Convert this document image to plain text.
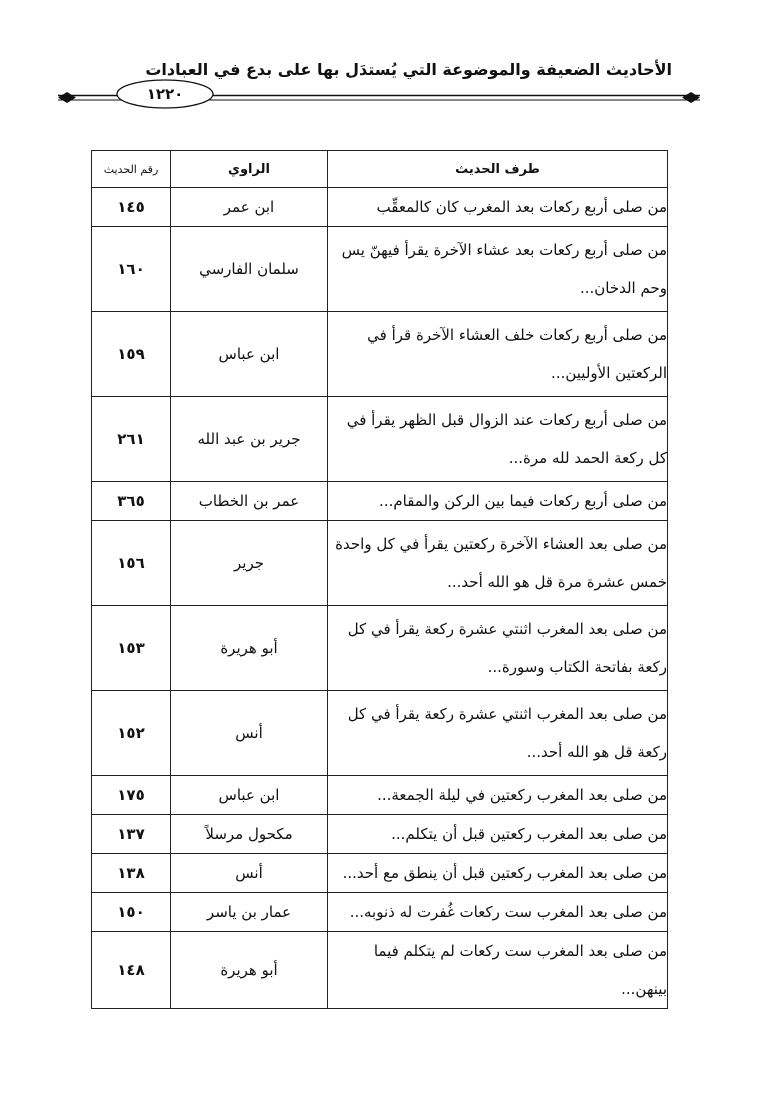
الأحاديث الضعيفة والموضوعة التي يُستدَل بها على بدع في العبادات
١٢٢٠
طرف الحديث	الراوي	رقم الحديث
من صلى أربع ركعات بعد المغرب كان كالمعقِّب	ابن عمر	١٤٥
من صلى أربع ركعات بعد عشاء الآخرة يقرأ فيهنّ يس وحم الدخان...	سلمان الفارسي	١٦٠
من صلى أربع ركعات خلف العشاء الآخرة قرأ في الركعتين الأوليين...	ابن عباس	١٥٩
من صلى أربع ركعات عند الزوال قبل الظهر يقرأ في كل ركعة الحمد لله مرة...	جرير بن عبد الله	٢٦١
من صلى أربع ركعات فيما بين الركن والمقام...	عمر بن الخطاب	٣٦٥
من صلى بعد العشاء الآخرة ركعتين يقرأ في كل واحدة خمس عشرة مرة قل هو الله أحد...	جرير	١٥٦
من صلى بعد المغرب اثنتي عشرة ركعة يقرأ في كل ركعة بفاتحة الكتاب وسورة...	أبو هريرة	١٥٣
من صلى بعد المغرب اثنتي عشرة ركعة يقرأ في كل ركعة قل هو الله أحد...	أنس	١٥٢
من صلى بعد المغرب ركعتين في ليلة الجمعة...	ابن عباس	١٧٥
من صلى بعد المغرب ركعتين قبل أن يتكلم...	مكحول مرسلاً	١٣٧
من صلى بعد المغرب ركعتين قبل أن ينطق مع أحد...	أنس	١٣٨
من صلى بعد المغرب ست ركعات غُفرت له ذنوبه...	عمار بن ياسر	١٥٠
من صلى بعد المغرب ست ركعات لم يتكلم فيما بينهن...	أبو هريرة	١٤٨
